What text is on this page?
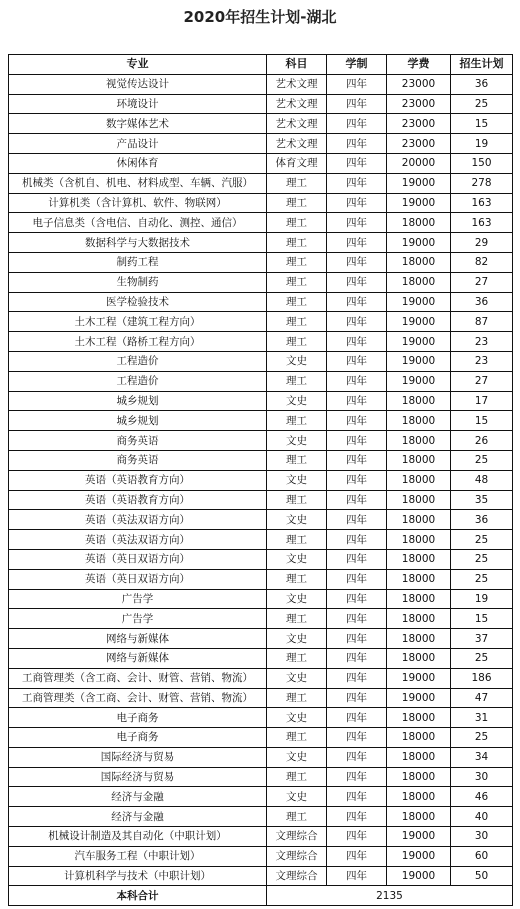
2020年招生计划-湖北
专业	科目	学制	学费	招生计划
视觉传达设计	艺术文理	四年	23000	36
环境设计	艺术文理	四年	23000	25
数字媒体艺术	艺术文理	四年	23000	15
产品设计	艺术文理	四年	23000	19
休闲体育	体育文理	四年	20000	150
机械类（含机自、机电、材料成型、车辆、汽服）	理工	四年	19000	278
计算机类（含计算机、软件、物联网）	理工	四年	19000	163
电子信息类（含电信、自动化、测控、通信）	理工	四年	18000	163
数据科学与大数据技术	理工	四年	19000	29
制药工程	理工	四年	18000	82
生物制药	理工	四年	18000	27
医学检验技术	理工	四年	19000	36
土木工程（建筑工程方向）	理工	四年	19000	87
土木工程（路桥工程方向）	理工	四年	19000	23
工程造价	文史	四年	19000	23
工程造价	理工	四年	19000	27
城乡规划	文史	四年	18000	17
城乡规划	理工	四年	18000	15
商务英语	文史	四年	18000	26
商务英语	理工	四年	18000	25
英语（英语教育方向）	文史	四年	18000	48
英语（英语教育方向）	理工	四年	18000	35
英语（英法双语方向）	文史	四年	18000	36
英语（英法双语方向）	理工	四年	18000	25
英语（英日双语方向）	文史	四年	18000	25
英语（英日双语方向）	理工	四年	18000	25
广告学	文史	四年	18000	19
广告学	理工	四年	18000	15
网络与新媒体	文史	四年	18000	37
网络与新媒体	理工	四年	18000	25
工商管理类（含工商、会计、财管、营销、物流）	文史	四年	19000	186
工商管理类（含工商、会计、财管、营销、物流）	理工	四年	19000	47
电子商务	文史	四年	18000	31
电子商务	理工	四年	18000	25
国际经济与贸易	文史	四年	18000	34
国际经济与贸易	理工	四年	18000	30
经济与金融	文史	四年	18000	46
经济与金融	理工	四年	18000	40
机械设计制造及其自动化（中职计划）	文理综合	四年	19000	30
汽车服务工程（中职计划）	文理综合	四年	19000	60
计算机科学与技术（中职计划）	文理综合	四年	19000	50
本科合计	2135			
